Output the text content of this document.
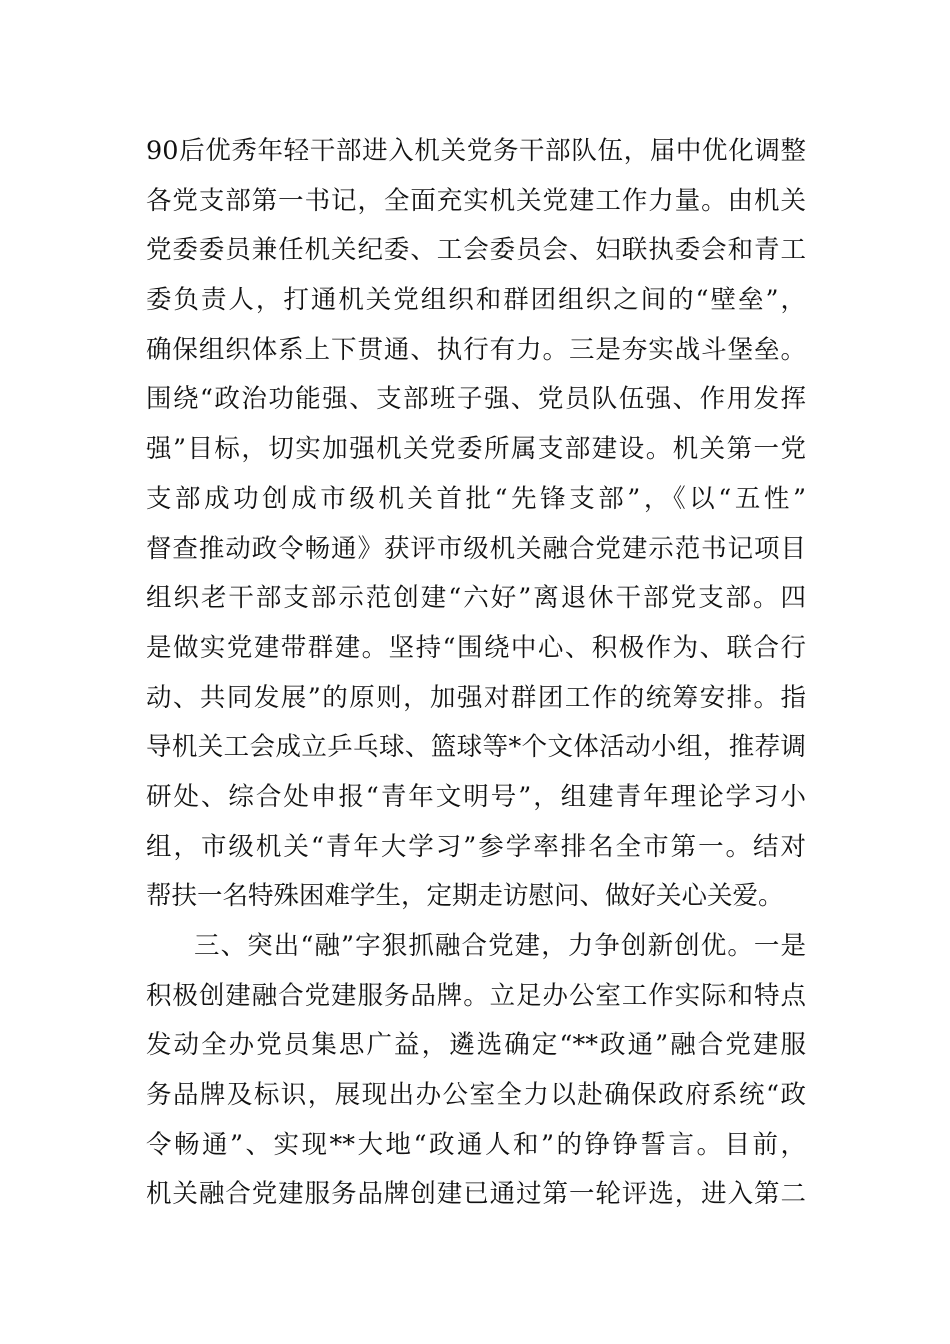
90后优秀年轻干部进入机关党务干部队伍，届中优化调整
各党支部第一书记，全面充实机关党建工作力量。由机关
党委委员兼任机关纪委、工会委员会、妇联执委会和青工
委负责人，打通机关党组织和群团组织之间的“壁垒”，
确保组织体系上下贯通、执行有力。三是夯实战斗堡垒。
围绕“政治功能强、支部班子强、党员队伍强、作用发挥
强”目标，切实加强机关党委所属支部建设。机关第一党
支部成功创成市级机关首批“先锋支部”，《以“五性”
督查推动政令畅通》获评市级机关融合党建示范书记项目
组织老干部支部示范创建“六好”离退休干部党支部。四
是做实党建带群建。坚持“围绕中心、积极作为、联合行
动、共同发展”的原则，加强对群团工作的统筹安排。指
导机关工会成立乒乓球、篮球等*个文体活动小组，推荐调
研处、综合处申报“青年文明号”，组建青年理论学习小
组，市级机关“青年大学习”参学率排名全市第一。结对
帮扶一名特殊困难学生，定期走访慰问、做好关心关爱。
三、突出“融”字狠抓融合党建，力争创新创优。一是
积极创建融合党建服务品牌。立足办公室工作实际和特点
发动全办党员集思广益，遴选确定“**政通”融合党建服
务品牌及标识，展现出办公室全力以赴确保政府系统“政
令畅通”、实现**大地“政通人和”的铮铮誓言。目前，
机关融合党建服务品牌创建已通过第一轮评选，进入第二
